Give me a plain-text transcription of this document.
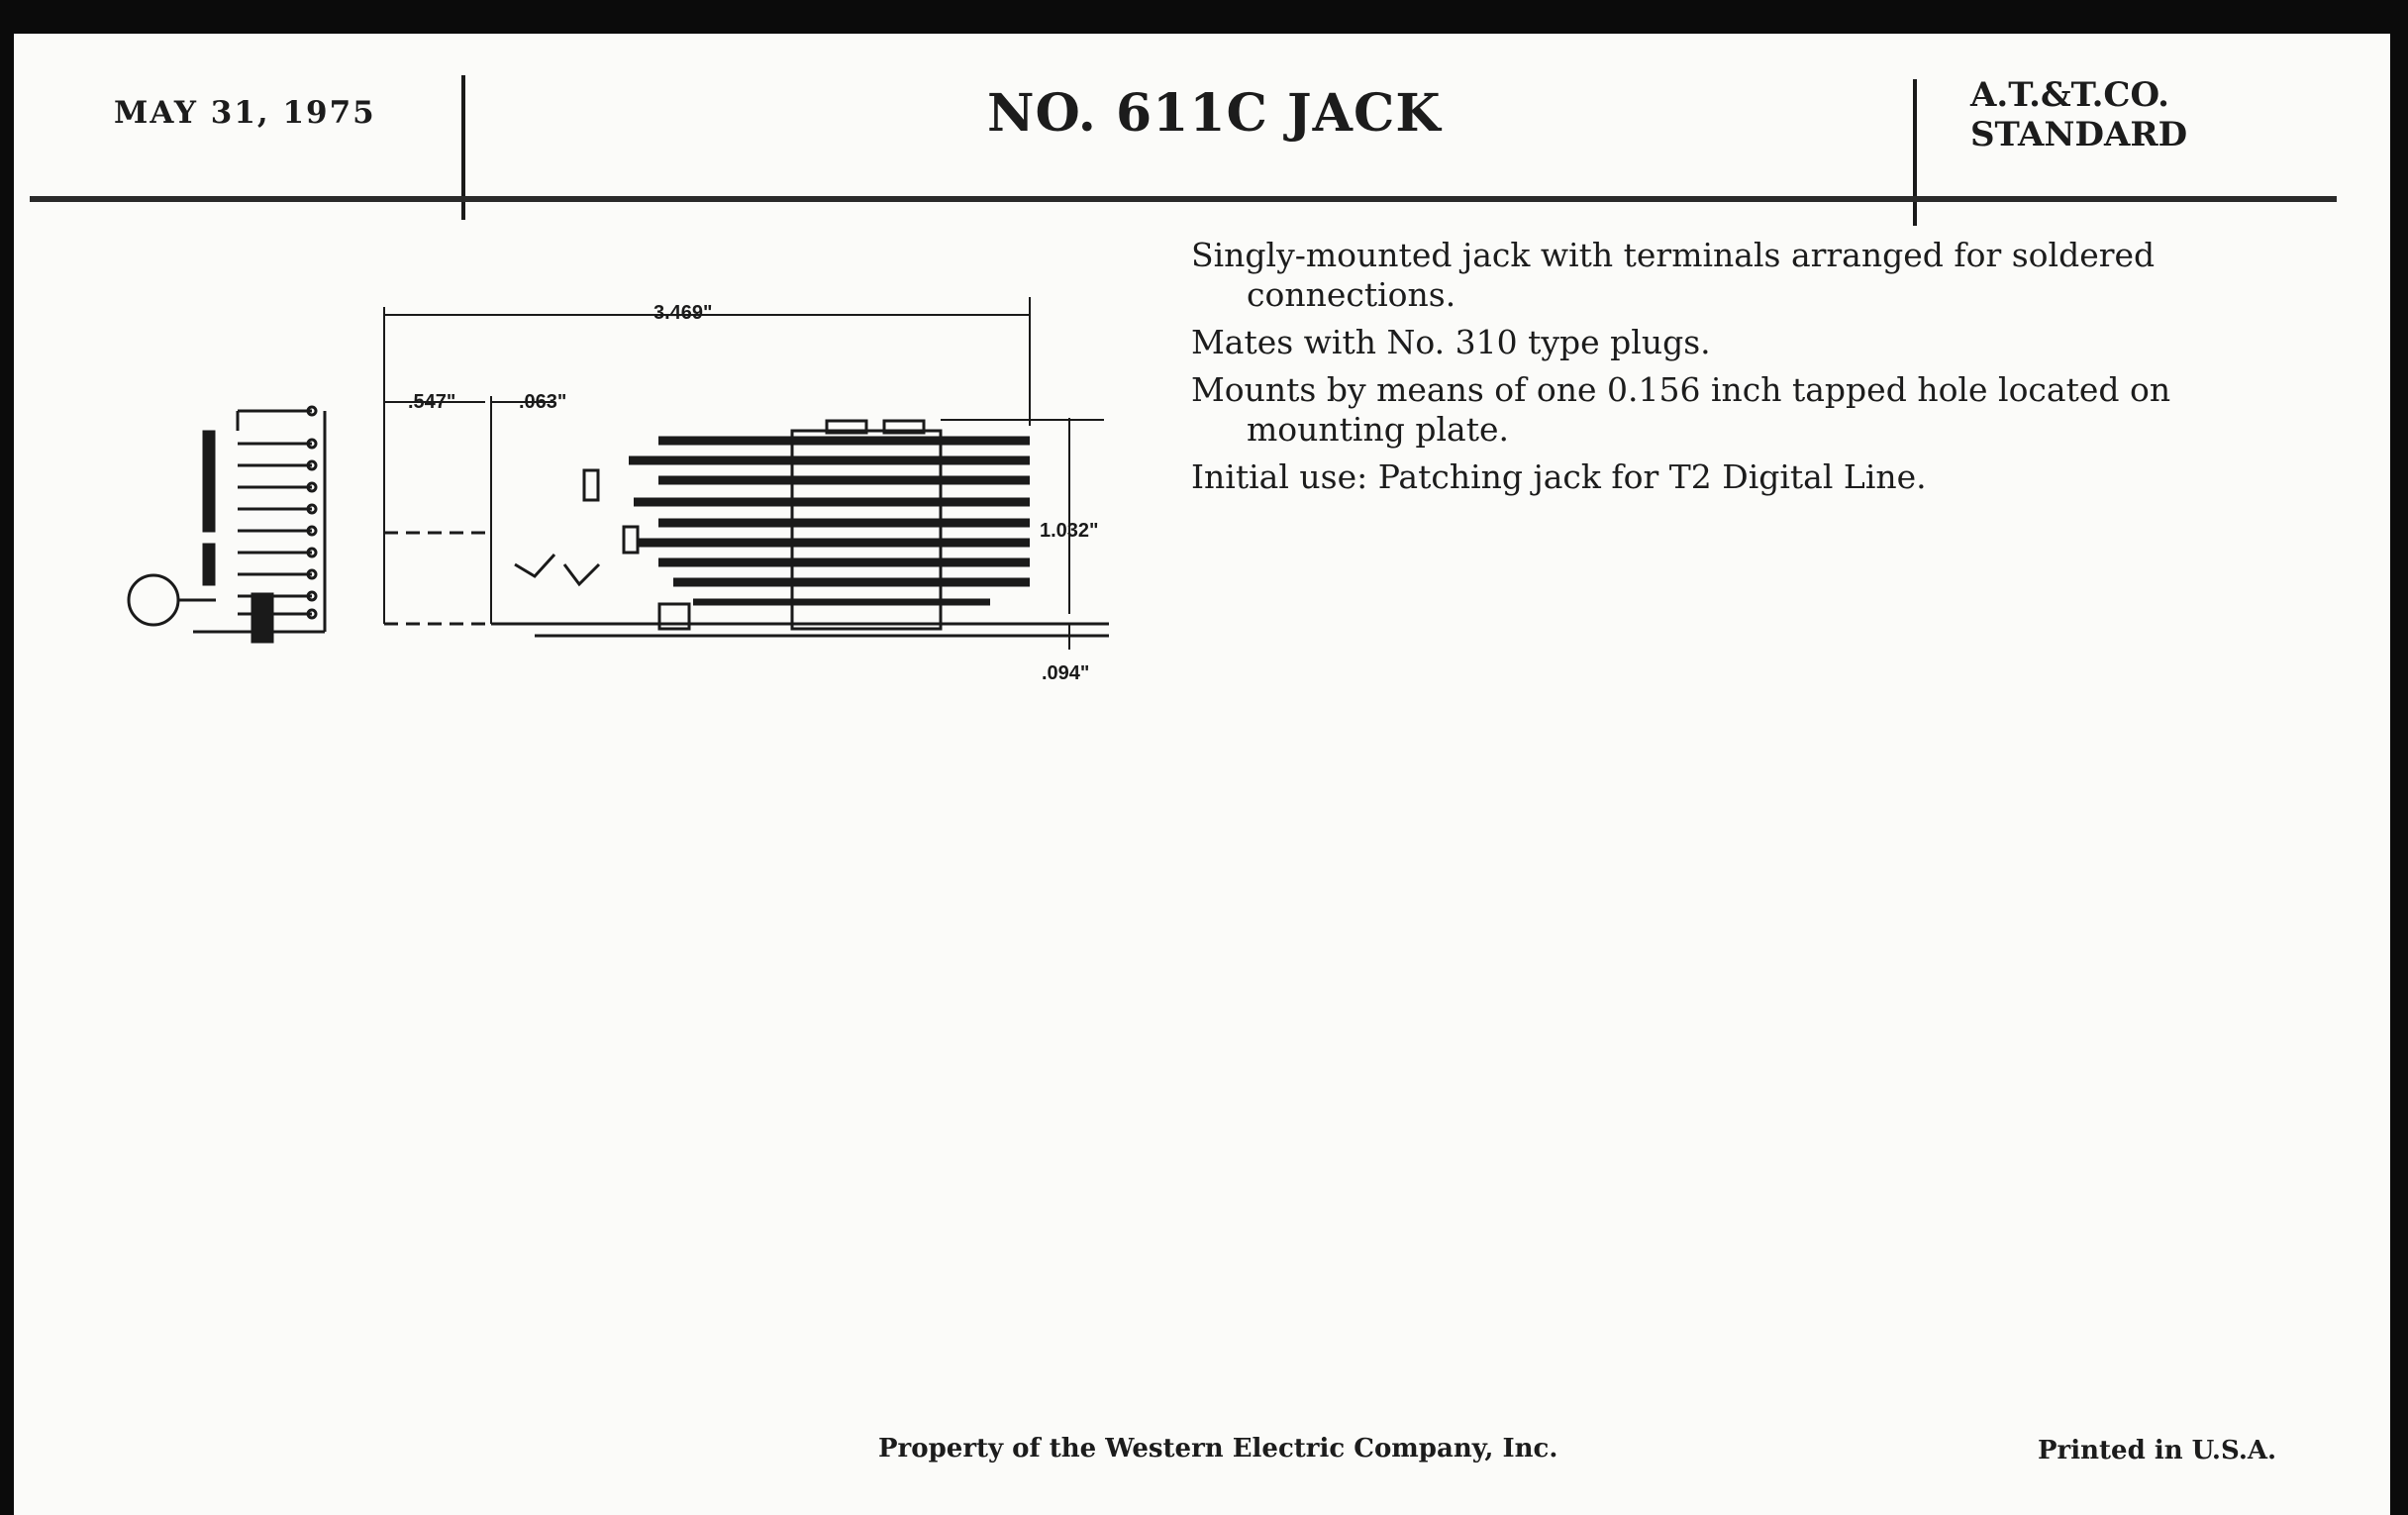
MAY 31, 1975	NO. 611C JACK	A.T.&T.CO.
STANDARD
Singly-mounted jack with terminals arranged for soldered connections.
Mates with No. 310 type plugs.
Mounts by means of one 0.156 inch tapped hole located on mounting plate.
Initial use: Patching jack for T2 Digital Line.
3.469"
.547"	.063"
1.032"
.094"
Property of the Western Electric Company, Inc.	Printed in U.S.A.
